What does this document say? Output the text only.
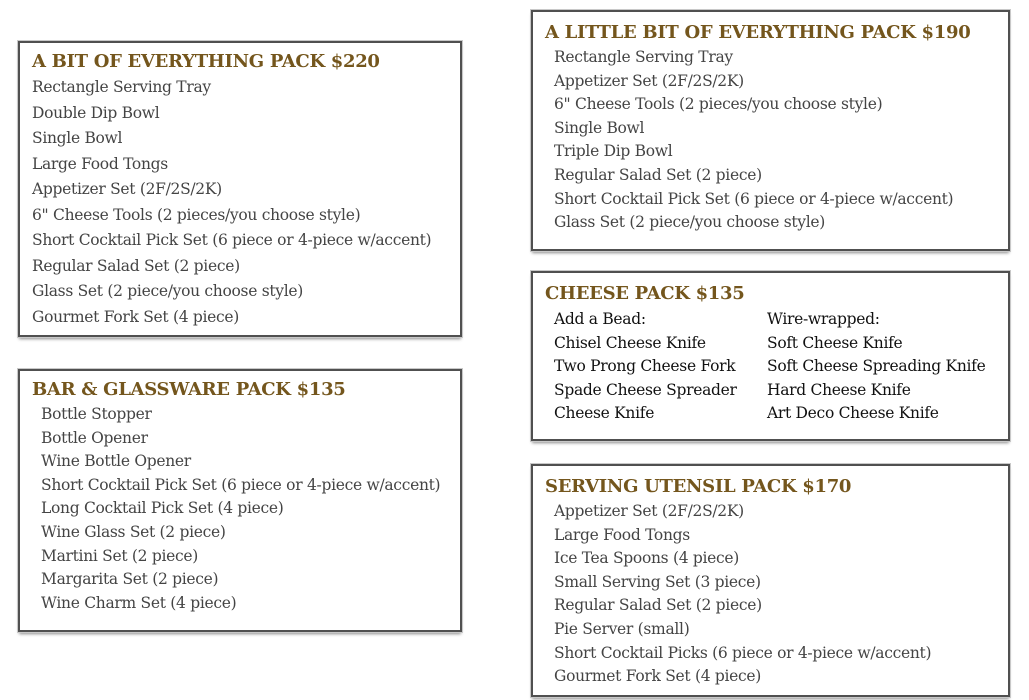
A BIT OF EVERYTHING PACK $220
Rectangle Serving Tray
Double Dip Bowl
Single Bowl
Large Food Tongs
Appetizer Set (2F/2S/2K)
6" Cheese Tools (2 pieces/you choose style)
Short Cocktail Pick Set (6 piece or 4-piece w/accent)
Regular Salad Set (2 piece)
Glass Set (2 piece/you choose style)
Gourmet Fork Set (4 piece)
BAR & GLASSWARE PACK $135
Bottle Stopper
Bottle Opener
Wine Bottle Opener
Short Cocktail Pick Set (6 piece or 4-piece w/accent)
Long Cocktail Pick Set (4 piece)
Wine Glass Set (2 piece)
Martini Set (2 piece)
Margarita Set (2 piece)
Wine Charm Set (4 piece)
A LITTLE BIT OF EVERYTHING PACK $190
Rectangle Serving Tray
Appetizer Set (2F/2S/2K)
6" Cheese Tools (2 pieces/you choose style)
Single Bowl
Triple Dip Bowl
Regular Salad Set (2 piece)
Short Cocktail Pick Set (6 piece or 4-piece w/accent)
Glass Set (2 piece/you choose style)
CHEESE PACK $135
Add a Bead:
Chisel Cheese Knife
Two Prong Cheese Fork
Spade Cheese Spreader
Cheese Knife
Wire-wrapped:
Soft Cheese Knife
Soft Cheese Spreading Knife
Hard Cheese Knife
Art Deco Cheese Knife
SERVING UTENSIL PACK $170
Appetizer Set (2F/2S/2K)
Large Food Tongs
Ice Tea Spoons (4 piece)
Small Serving Set (3 piece)
Regular Salad Set (2 piece)
Pie Server (small)
Short Cocktail Picks (6 piece or 4-piece w/accent)
Gourmet Fork Set (4 piece)
